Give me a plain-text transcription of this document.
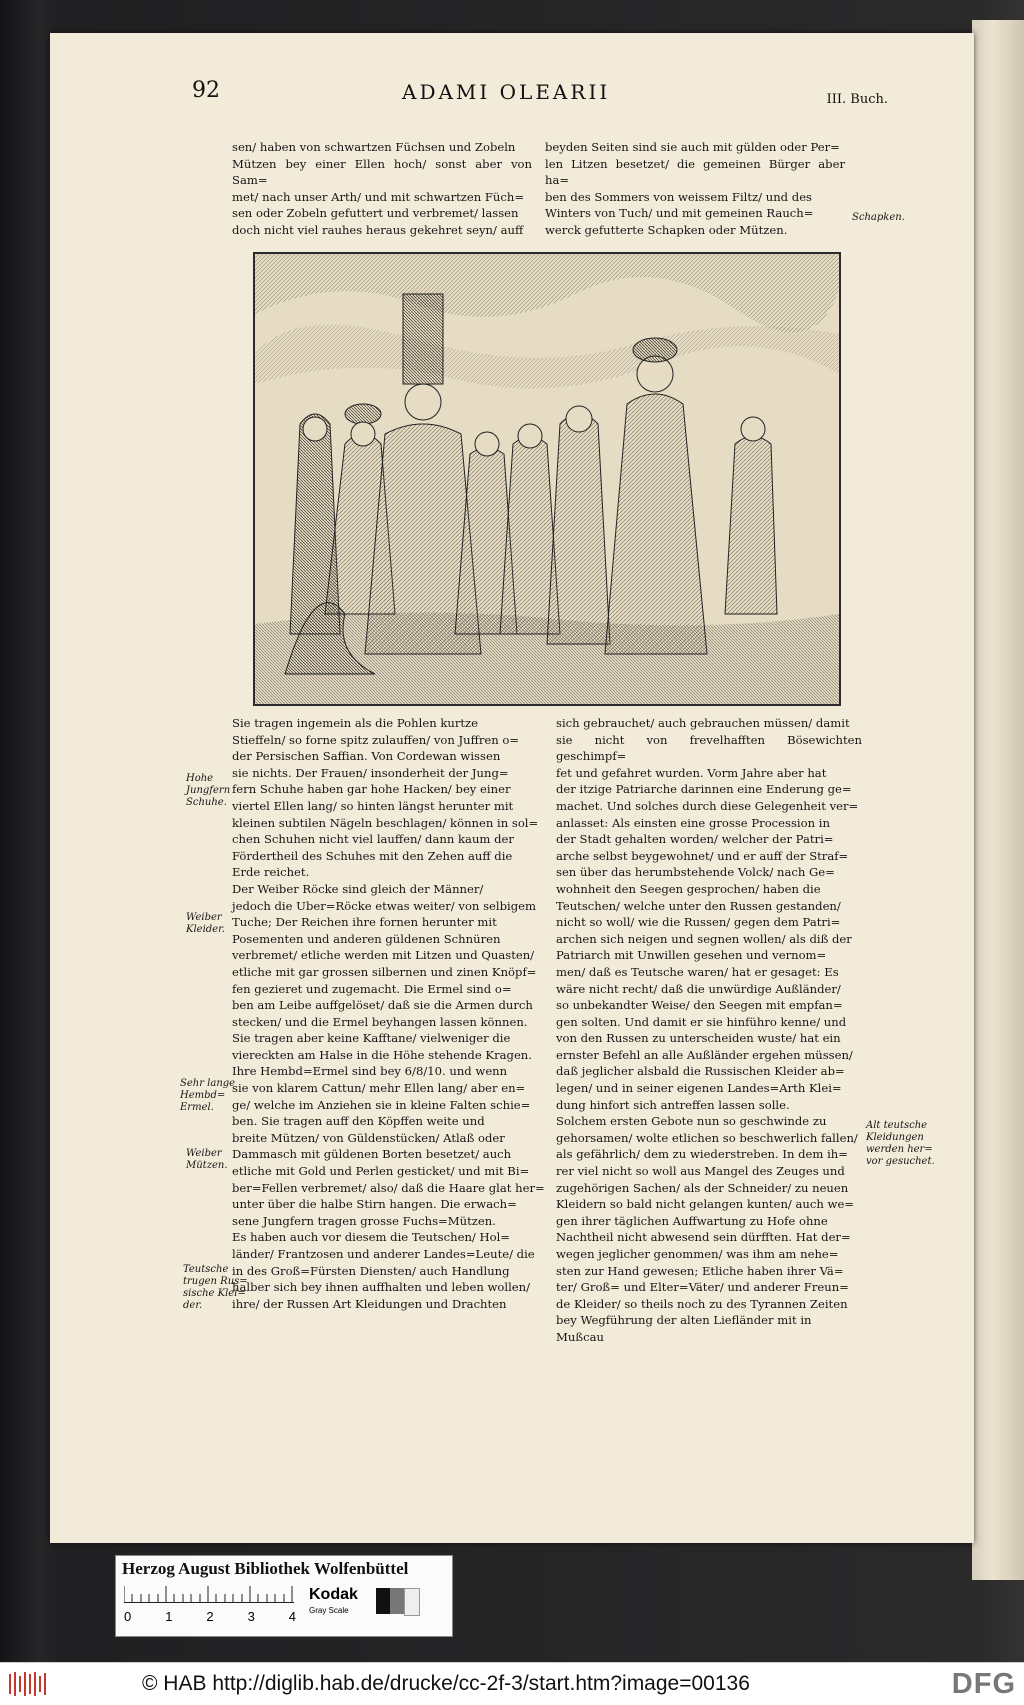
92	ADAMI OLEARII	III. Buch.
sen/ haben von schwartzen Füchsen und Zobeln
Mützen bey einer Ellen hoch/ sonst aber von Sam=
met/ nach unser Arth/ und mit schwartzen Füch=
sen oder Zobeln gefuttert und verbremet/ lassen
doch nicht viel rauhes heraus gekehret seyn/ auff
beyden Seiten sind sie auch mit gülden oder Per=
len Litzen besetzet/ die gemeinen Bürger aber ha=
ben des Sommers von weissem Filtz/ und des
Winters von Tuch/ und mit gemeinen Rauch=
werck gefutterte Schapken oder Mützen.
Schapken.
Sie tragen ingemein als die Pohlen kurtze
Stieffeln/ so forne spitz zulauffen/ von Juffren o=
der Persischen Saffian. Von Cordewan wissen
sie nichts. Der Frauen/ insonderheit der Jung=
fern Schuhe haben gar hohe Hacken/ bey einer
viertel Ellen lang/ so hinten längst herunter mit
kleinen subtilen Nägeln beschlagen/ können in sol=
chen Schuhen nicht viel lauffen/ dann kaum der
Fördertheil des Schuhes mit den Zehen auff die
Erde reichet.
Der Weiber Röcke sind gleich der Männer/
jedoch die Uber=Röcke etwas weiter/ von selbigem
Tuche; Der Reichen ihre fornen herunter mit
Posementen und anderen güldenen Schnüren
verbremet/ etliche werden mit Litzen und Quasten/
etliche mit gar grossen silbernen und zinen Knöpf=
fen gezieret und zugemacht. Die Ermel sind o=
ben am Leibe auffgelöset/ daß sie die Armen durch
stecken/ und die Ermel beyhangen lassen können.
Sie tragen aber keine Kafftane/ vielweniger die
viereckten am Halse in die Höhe stehende Kragen.
Ihre Hembd=Ermel sind bey 6/8/10. und wenn
sie von klarem Cattun/ mehr Ellen lang/ aber en=
ge/ welche im Anziehen sie in kleine Falten schie=
ben. Sie tragen auff den Köpffen weite und
breite Mützen/ von Güldenstücken/ Atlaß oder
Dammasch mit güldenen Borten besetzet/ auch
etliche mit Gold und Perlen gesticket/ und mit Bi=
ber=Fellen verbremet/ also/ daß die Haare glat her=
unter über die halbe Stirn hangen. Die erwach=
sene Jungfern tragen grosse Fuchs=Mützen.
Es haben auch vor diesem die Teutschen/ Hol=
länder/ Frantzosen und anderer Landes=Leute/ die
in des Groß=Fürsten Diensten/ auch Handlung
halber sich bey ihnen auffhalten und leben wollen/
ihre/ der Russen Art Kleidungen und Drachten
sich gebrauchet/ auch gebrauchen müssen/ damit
sie nicht von frevelhafften Bösewichten geschimpf=
fet und gefahret wurden. Vorm Jahre aber hat
der itzige Patriarche darinnen eine Enderung ge=
machet. Und solches durch diese Gelegenheit ver=
anlasset: Als einsten eine grosse Procession in
der Stadt gehalten worden/ welcher der Patri=
arche selbst beygewohnet/ und er auff der Straf=
sen über das herumbstehende Volck/ nach Ge=
wohnheit den Seegen gesprochen/ haben die
Teutschen/ welche unter den Russen gestanden/
nicht so woll/ wie die Russen/ gegen dem Patri=
archen sich neigen und segnen wollen/ als diß der
Patriarch mit Unwillen gesehen und vernom=
men/ daß es Teutsche waren/ hat er gesaget: Es
wäre nicht recht/ daß die unwürdige Außländer/
so unbekandter Weise/ den Seegen mit empfan=
gen solten. Und damit er sie hinführo kenne/ und
von den Russen zu unterscheiden wuste/ hat ein
ernster Befehl an alle Außländer ergehen müssen/
daß jeglicher alsbald die Russischen Kleider ab=
legen/ und in seiner eigenen Landes=Arth Klei=
dung hinfort sich antreffen lassen solle.
Solchem ersten Gebote nun so geschwinde zu
gehorsamen/ wolte etlichen so beschwerlich fallen/
als gefährlich/ dem zu wiederstreben. In dem ih=
rer viel nicht so woll aus Mangel des Zeuges und
zugehörigen Sachen/ als der Schneider/ zu neuen
Kleidern so bald nicht gelangen kunten/ auch we=
gen ihrer täglichen Auffwartung zu Hofe ohne
Nachtheil nicht abwesend sein dürfften. Hat der=
wegen jeglicher genommen/ was ihm am nehe=
sten zur Hand gewesen; Etliche haben ihrer Vä=
ter/ Groß= und Elter=Väter/ und anderer Freun=
de Kleider/ so theils noch zu des Tyrannen Zeiten
bey Wegführung der alten Liefländer mit in
Mußcau
Hohe
Jungfern
Schuhe.
Weiber
Kleider.
Sehr lange
Hembd=
Ermel.
Weiber
Mützen.
Teutsche
trugen Rus=
sische Klei=
der.
Alt teutsche
Kleidungen
werden her=
vor gesuchet.
Herzog August Bibliothek Wolfenbüttel
0	1	2	3	4
Kodak
Gray Scale
© HAB http://diglib.hab.de/drucke/cc-2f-3/start.htm?image=00136	DFG
